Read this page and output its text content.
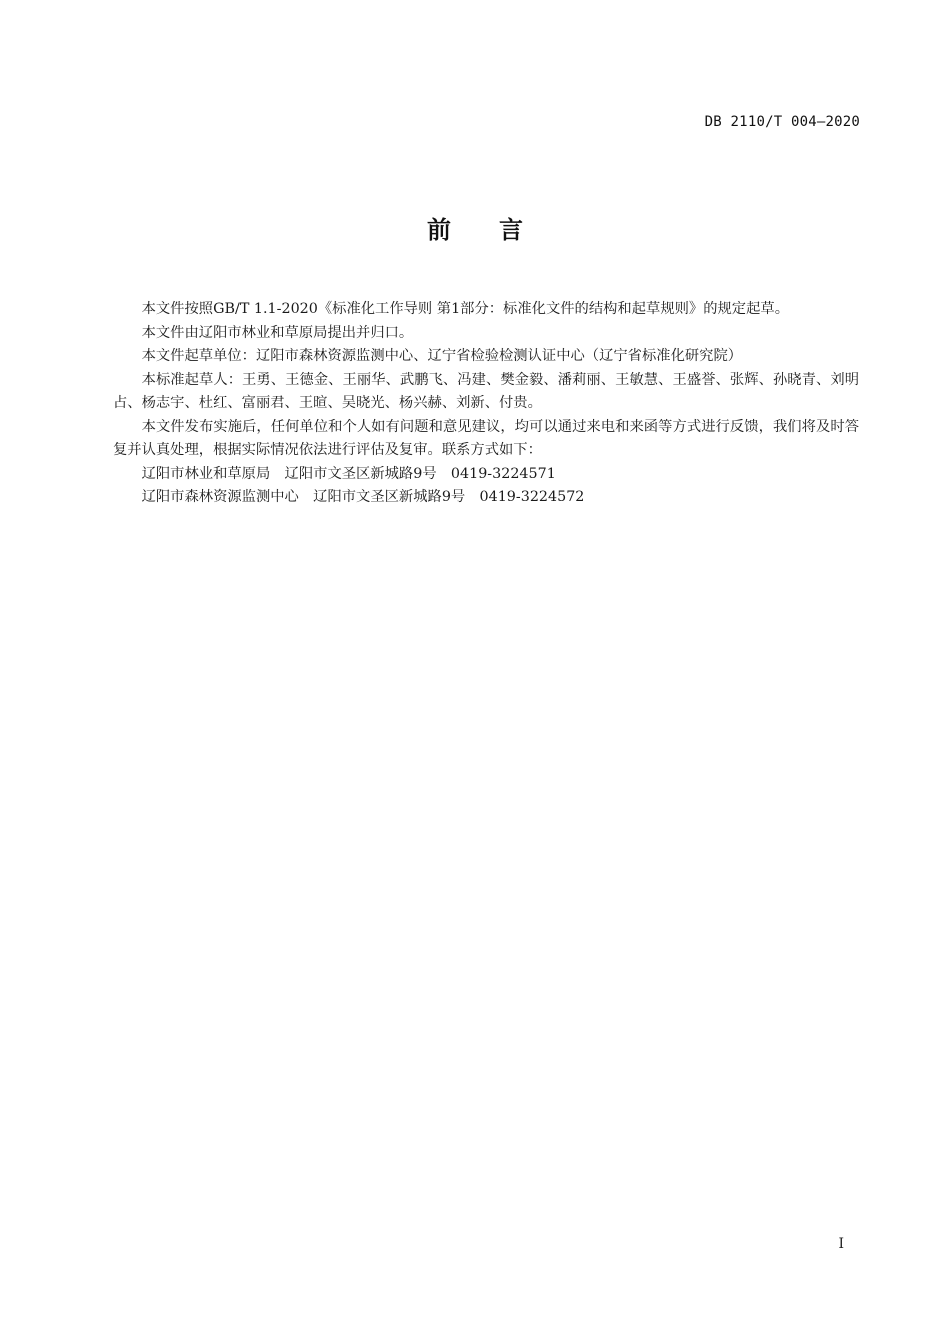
DB 2110/T 004—2020
前 言

本文件按照GB/T 1.1-2020《标准化工作导则 第1部分：标准化文件的结构和起草规则》的规定起草。

本文件由辽阳市林业和草原局提出并归口。

本文件起草单位：辽阳市森林资源监测中心、辽宁省检验检测认证中心（辽宁省标准化研究院）

本标准起草人：王勇、王德金、王丽华、武鹏飞、冯建、樊金毅、潘莉丽、王敏慧、王盛誉、张辉、孙晓青、刘明占、杨志宇、杜红、富丽君、王暄、吴晓光、杨兴赫、刘新、付贵。

本文件发布实施后，任何单位和个人如有问题和意见建议，均可以通过来电和来函等方式进行反馈，我们将及时答复并认真处理，根据实际情况依法进行评估及复审。联系方式如下：

辽阳市林业和草原局　辽阳市文圣区新城路9号　0419-3224571

辽阳市森林资源监测中心　辽阳市文圣区新城路9号　0419-3224572

I
